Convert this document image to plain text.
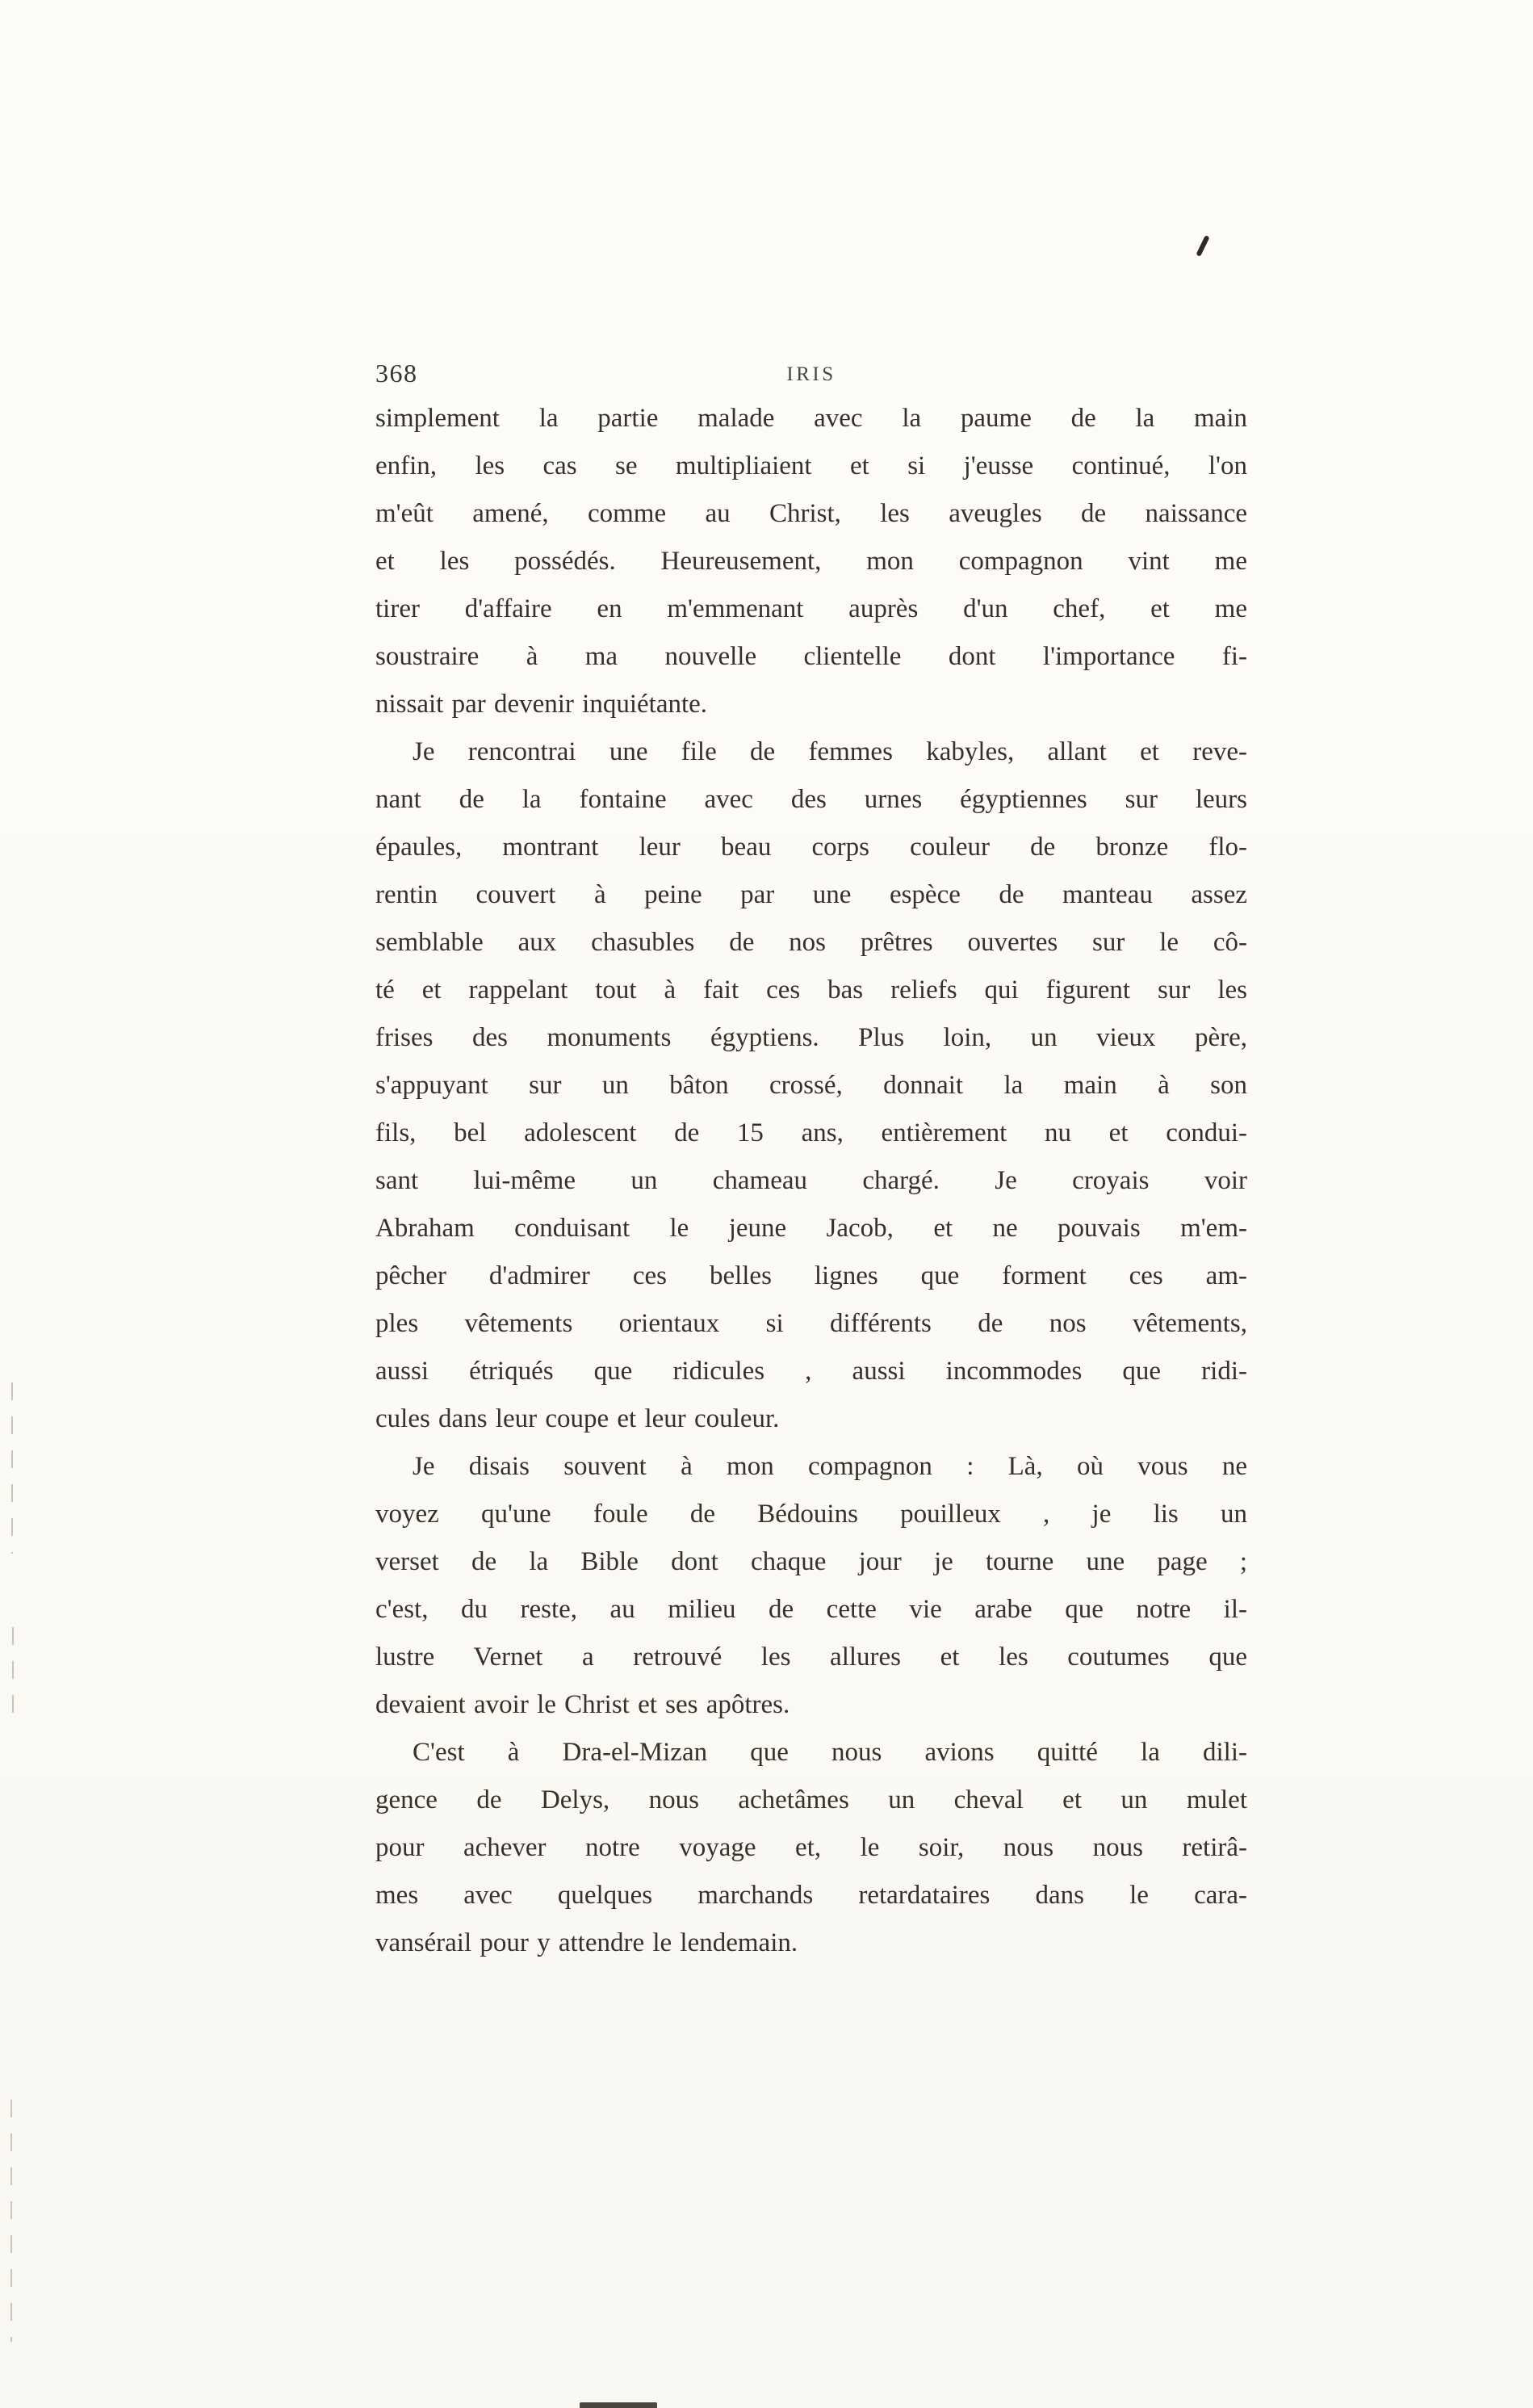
368	IRIS
simplement la partie malade avec la paume de la main
enfin, les cas se multipliaient et si j'eusse continué, l'on
m'eût amené, comme au Christ, les aveugles de naissance
et les possédés. Heureusement, mon compagnon vint me
tirer d'affaire en m'emmenant auprès d'un chef, et me
soustraire à ma nouvelle clientelle dont l'importance fi-
nissait par devenir inquiétante.
Je rencontrai une file de femmes kabyles, allant et reve-
nant de la fontaine avec des urnes égyptiennes sur leurs
épaules, montrant leur beau corps couleur de bronze flo-
rentin couvert à peine par une espèce de manteau assez
semblable aux chasubles de nos prêtres ouvertes sur le cô-
té et rappelant tout à fait ces bas reliefs qui figurent sur les
frises des monuments égyptiens. Plus loin, un vieux père,
s'appuyant sur un bâton crossé, donnait la main à son
fils, bel adolescent de 15 ans, entièrement nu et condui-
sant lui-même un chameau chargé. Je croyais voir
Abraham conduisant le jeune Jacob, et ne pouvais m'em-
pêcher d'admirer ces belles lignes que forment ces am-
ples vêtements orientaux si différents de nos vêtements,
aussi étriqués que ridicules , aussi incommodes que ridi-
cules dans leur coupe et leur couleur.
Je disais souvent à mon compagnon : Là, où vous ne
voyez qu'une foule de Bédouins pouilleux , je lis un
verset de la Bible dont chaque jour je tourne une page ;
c'est, du reste, au milieu de cette vie arabe que notre il-
lustre Vernet a retrouvé les allures et les coutumes que
devaient avoir le Christ et ses apôtres.
C'est à Dra-el-Mizan que nous avions quitté la dili-
gence de Delys, nous achetâmes un cheval et un mulet
pour achever notre voyage et, le soir, nous nous retirâ-
mes avec quelques marchands retardataires dans le cara-
vansérail pour y attendre le lendemain.
